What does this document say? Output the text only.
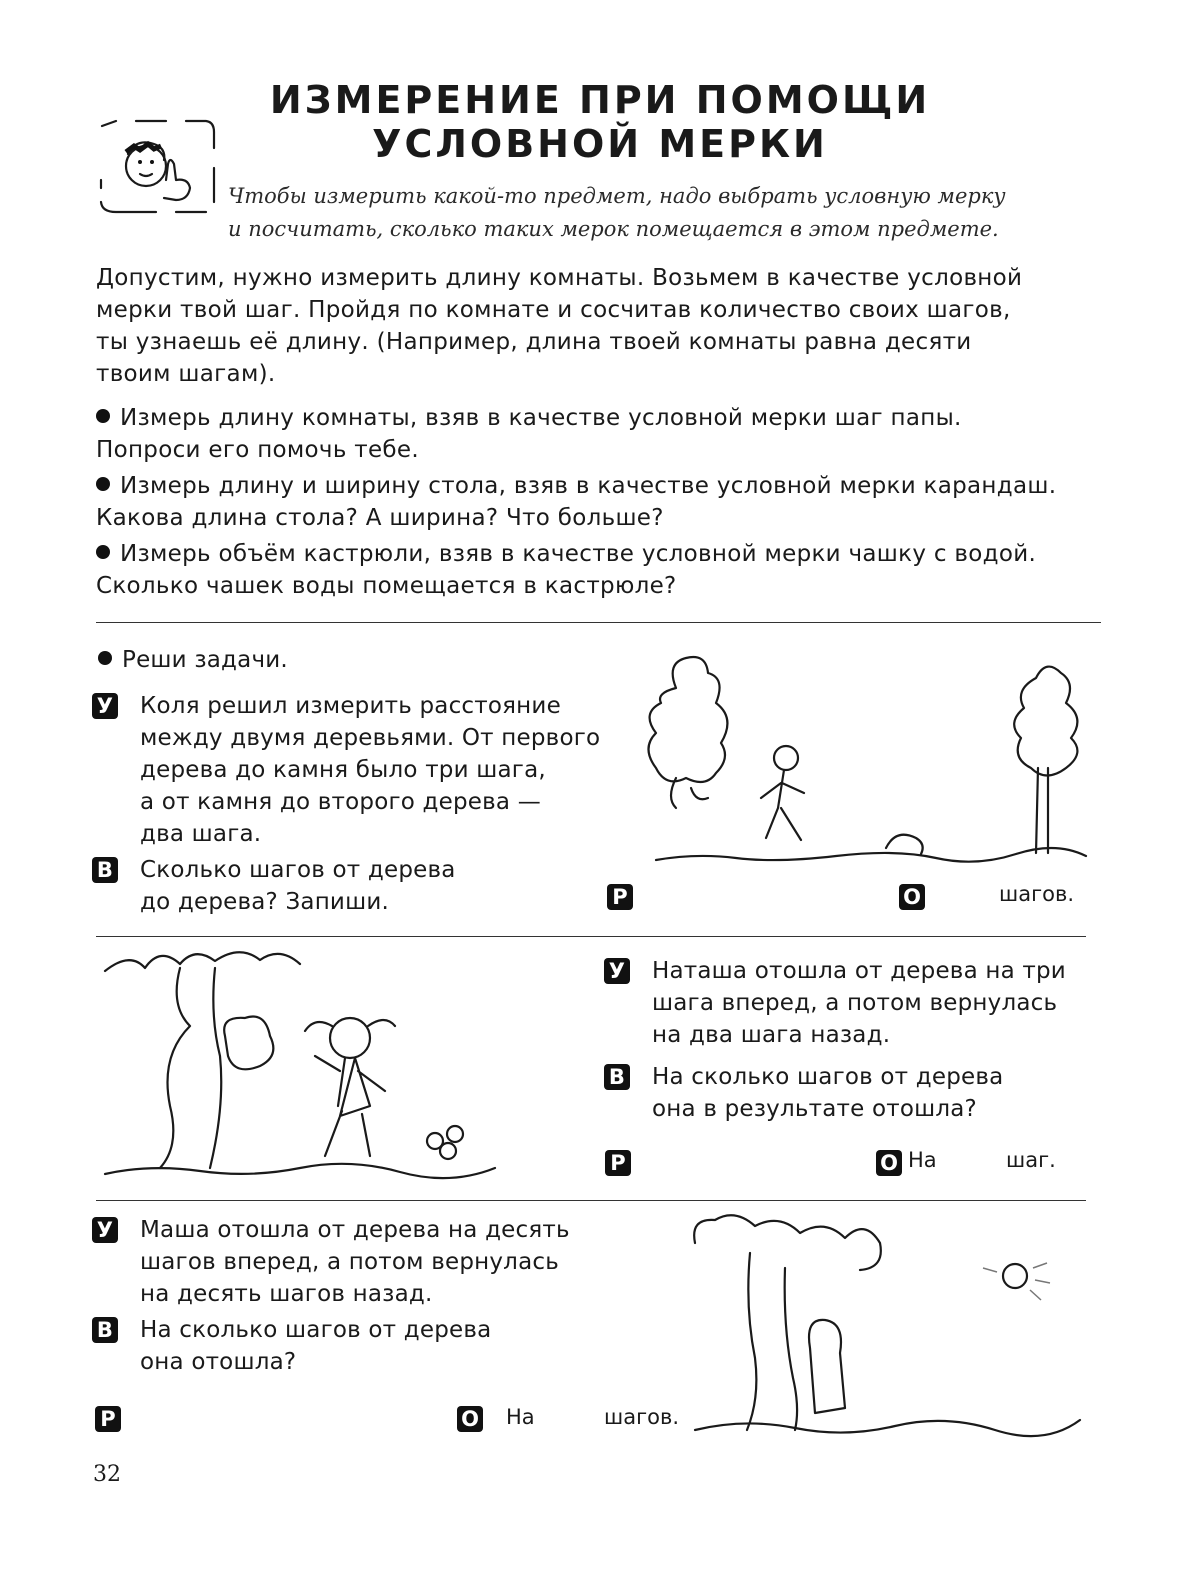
ИЗМЕРЕНИЕ ПРИ ПОМОЩИ
УСЛОВНОЙ МЕРКИ
Чтобы измерить какой-то предмет, надо выбрать условную мерку
и посчитать, сколько таких мерок помещается в этом предмете.
Допустим, нужно измерить длину комнаты. Возьмем в качестве условной
мерки твой шаг. Пройдя по комнате и сосчитав количество своих шагов,
ты узнаешь её длину. (Например, длина твоей комнаты равна десяти
твоим шагам).
Измерь длину комнаты, взяв в качестве условной мерки шаг папы.
Попроси его помочь тебе.
Измерь длину и ширину стола, взяв в качестве условной мерки карандаш.
Какова длина стола? А ширина? Что больше?
Измерь объём кастрюли, взяв в качестве условной мерки чашку с водой.
Сколько чашек воды помещается в кастрюле?
Реши задачи.
У Коля решил измерить расстояние
между двумя деревьями. От первого
дерева до камня было три шага,
а от камня до второго дерева —
два шага.
В Сколько шагов от дерева
до дерева? Запиши.	Р	О	шагов.
У Наташа отошла от дерева на три
шага вперед, а потом вернулась
на два шага назад.
В На сколько шагов от дерева
она в результате отошла?
Р	О На	шаг.
У Маша отошла от дерева на десять
шагов вперед, а потом вернулась
на десять шагов назад.
В На сколько шагов от дерева
она отошла?
Р	О На	шагов.
32
